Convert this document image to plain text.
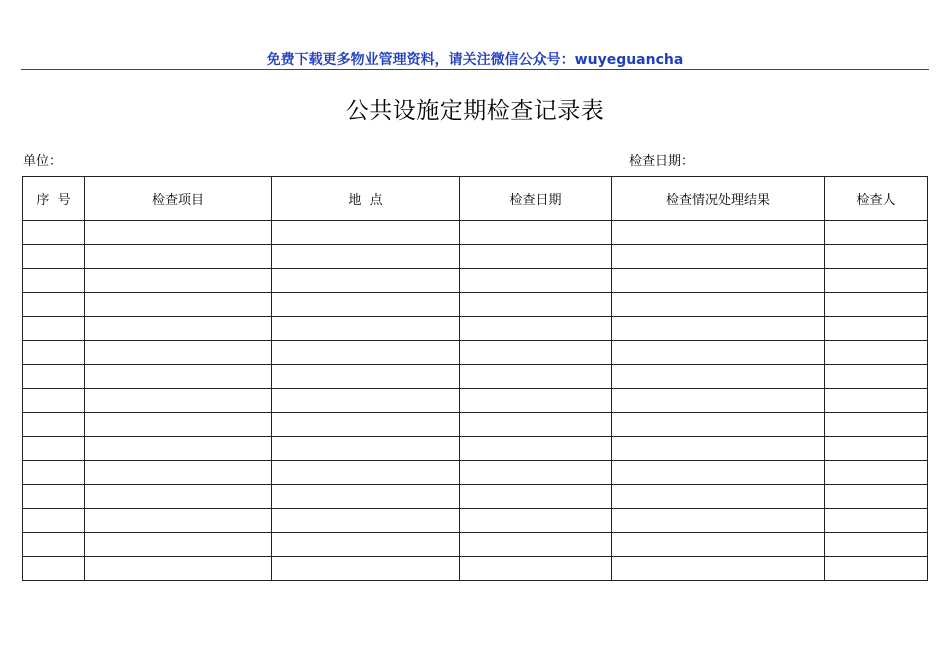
免费下载更多物业管理资料，请关注微信公众号：wuyeguancha
公共设施定期检查记录表
单位：	检查日期：
序  号	检查项目	地  点	检查日期	检查情况处理结果	检查人
